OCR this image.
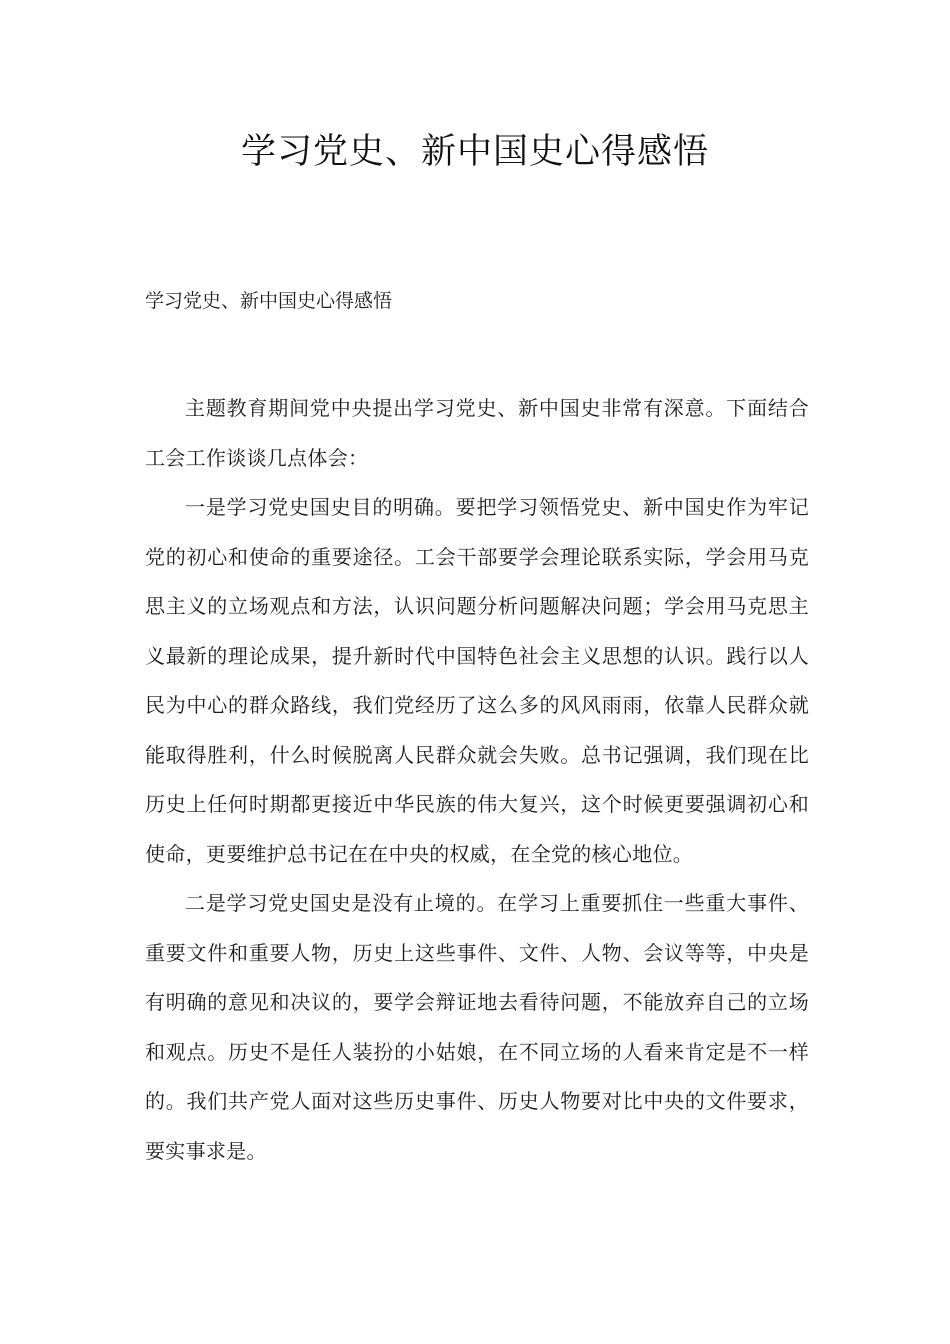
学习党史、新中国史心得感悟

学习党史、新中国史心得感悟

主题教育期间党中央提出学习党史、新中国史非常有深意。下面结合工会工作谈谈几点体会：

一是学习党史国史目的明确。要把学习领悟党史、新中国史作为牢记党的初心和使命的重要途径。工会干部要学会理论联系实际，学会用马克思主义的立场观点和方法，认识问题分析问题解决问题；学会用马克思主义最新的理论成果，提升新时代中国特色社会主义思想的认识。践行以人民为中心的群众路线，我们党经历了这么多的风风雨雨，依靠人民群众就能取得胜利，什么时候脱离人民群众就会失败。总书记强调，我们现在比历史上任何时期都更接近中华民族的伟大复兴，这个时候更要强调初心和使命，更要维护总书记在在中央的权威，在全党的核心地位。

二是学习党史国史是没有止境的。在学习上重要抓住一些重大事件、重要文件和重要人物，历史上这些事件、文件、人物、会议等等，中央是有明确的意见和决议的，要学会辩证地去看待问题，不能放弃自己的立场和观点。历史不是任人装扮的小姑娘，在不同立场的人看来肯定是不一样的。我们共产党人面对这些历史事件、历史人物要对比中央的文件要求，要实事求是。
